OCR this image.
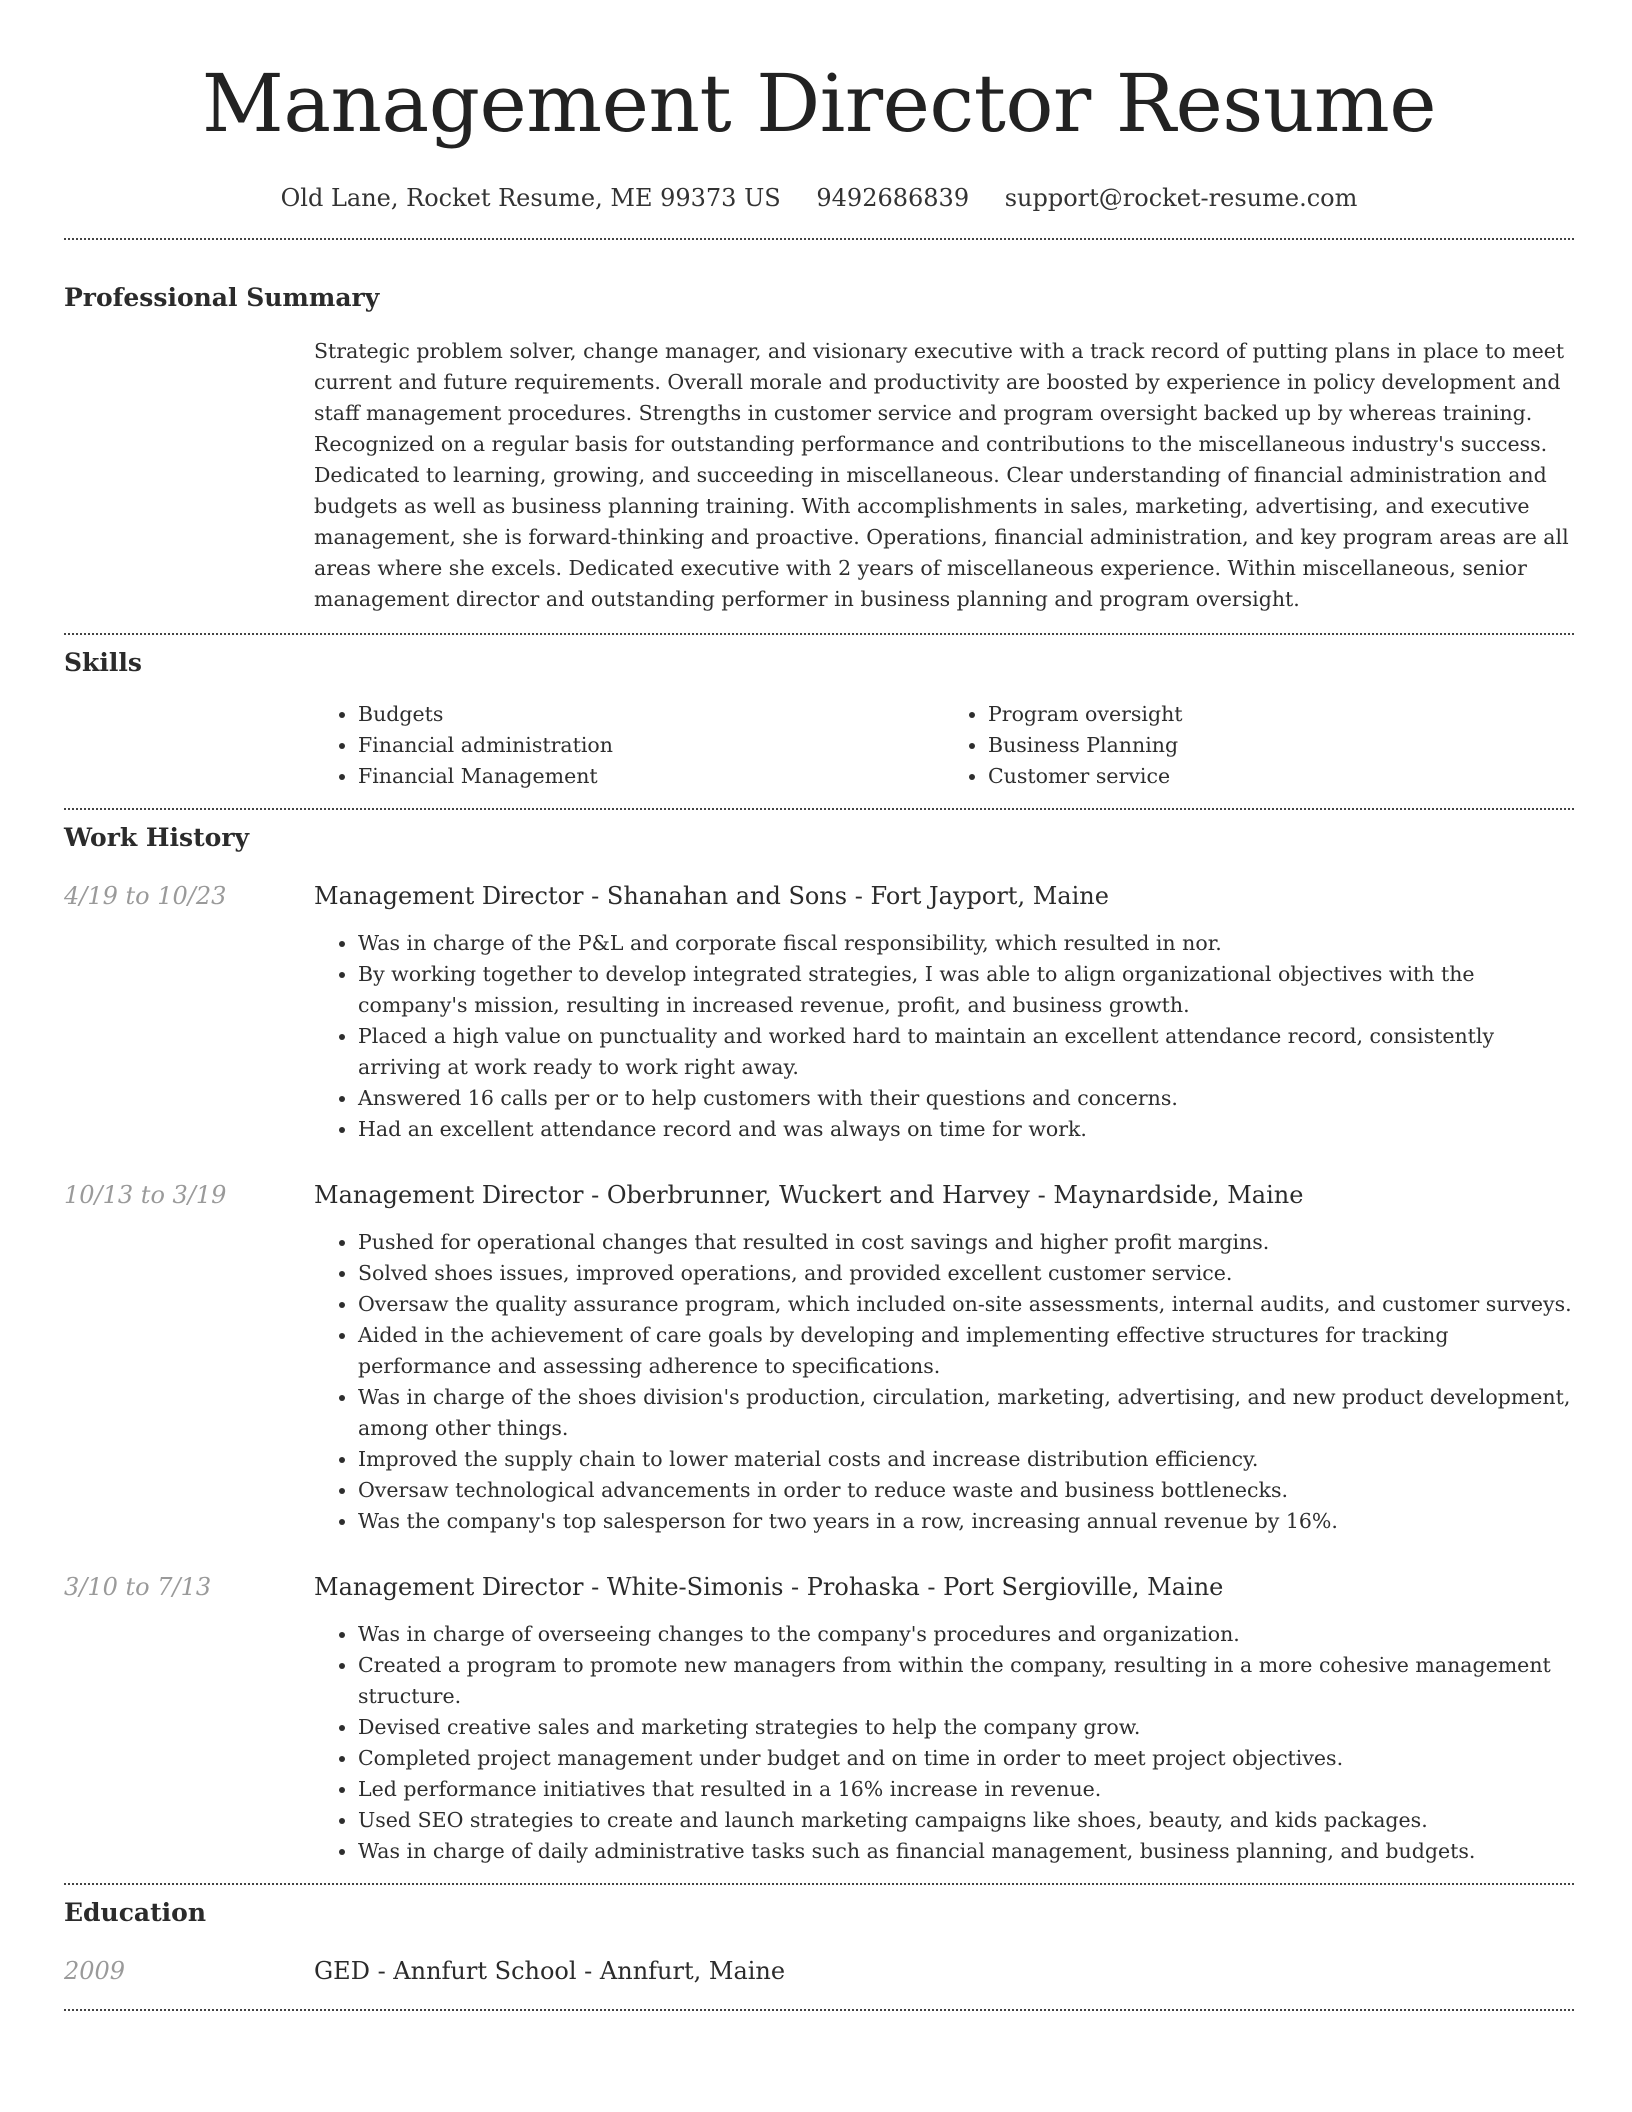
Management Director Resume
Old Lane, Rocket Resume, ME 99373 US 9492686839 support@rocket-resume.com
Professional Summary
Strategic problem solver, change manager, and visionary executive with a track record of putting plans in place to meet current and future requirements. Overall morale and productivity are boosted by experience in policy development and staff management procedures. Strengths in customer service and program oversight backed up by whereas training. Recognized on a regular basis for outstanding performance and contributions to the miscellaneous industry's success. Dedicated to learning, growing, and succeeding in miscellaneous. Clear understanding of financial administration and budgets as well as business planning training. With accomplishments in sales, marketing, advertising, and executive management, she is forward-thinking and proactive. Operations, financial administration, and key program areas are all areas where she excels. Dedicated executive with 2 years of miscellaneous experience. Within miscellaneous, senior management director and outstanding performer in business planning and program oversight.
Skills
• Budgets
• Financial administration
• Financial Management
• Program oversight
• Business Planning
• Customer service
Work History
4/19 to 10/23	Management Director - Shanahan and Sons - Fort Jayport, Maine
• Was in charge of the P&L and corporate fiscal responsibility, which resulted in nor.
• By working together to develop integrated strategies, I was able to align organizational objectives with the company's mission, resulting in increased revenue, profit, and business growth.
• Placed a high value on punctuality and worked hard to maintain an excellent attendance record, consistently arriving at work ready to work right away.
• Answered 16 calls per or to help customers with their questions and concerns.
• Had an excellent attendance record and was always on time for work.
10/13 to 3/19	Management Director - Oberbrunner, Wuckert and Harvey - Maynardside, Maine
• Pushed for operational changes that resulted in cost savings and higher profit margins.
• Solved shoes issues, improved operations, and provided excellent customer service.
• Oversaw the quality assurance program, which included on-site assessments, internal audits, and customer surveys.
• Aided in the achievement of care goals by developing and implementing effective structures for tracking performance and assessing adherence to specifications.
• Was in charge of the shoes division's production, circulation, marketing, advertising, and new product development, among other things.
• Improved the supply chain to lower material costs and increase distribution efficiency.
• Oversaw technological advancements in order to reduce waste and business bottlenecks.
• Was the company's top salesperson for two years in a row, increasing annual revenue by 16%.
3/10 to 7/13	Management Director - White-Simonis - Prohaska - Port Sergioville, Maine
• Was in charge of overseeing changes to the company's procedures and organization.
• Created a program to promote new managers from within the company, resulting in a more cohesive management structure.
• Devised creative sales and marketing strategies to help the company grow.
• Completed project management under budget and on time in order to meet project objectives.
• Led performance initiatives that resulted in a 16% increase in revenue.
• Used SEO strategies to create and launch marketing campaigns like shoes, beauty, and kids packages.
• Was in charge of daily administrative tasks such as financial management, business planning, and budgets.
Education
2009	GED - Annfurt School - Annfurt, Maine
